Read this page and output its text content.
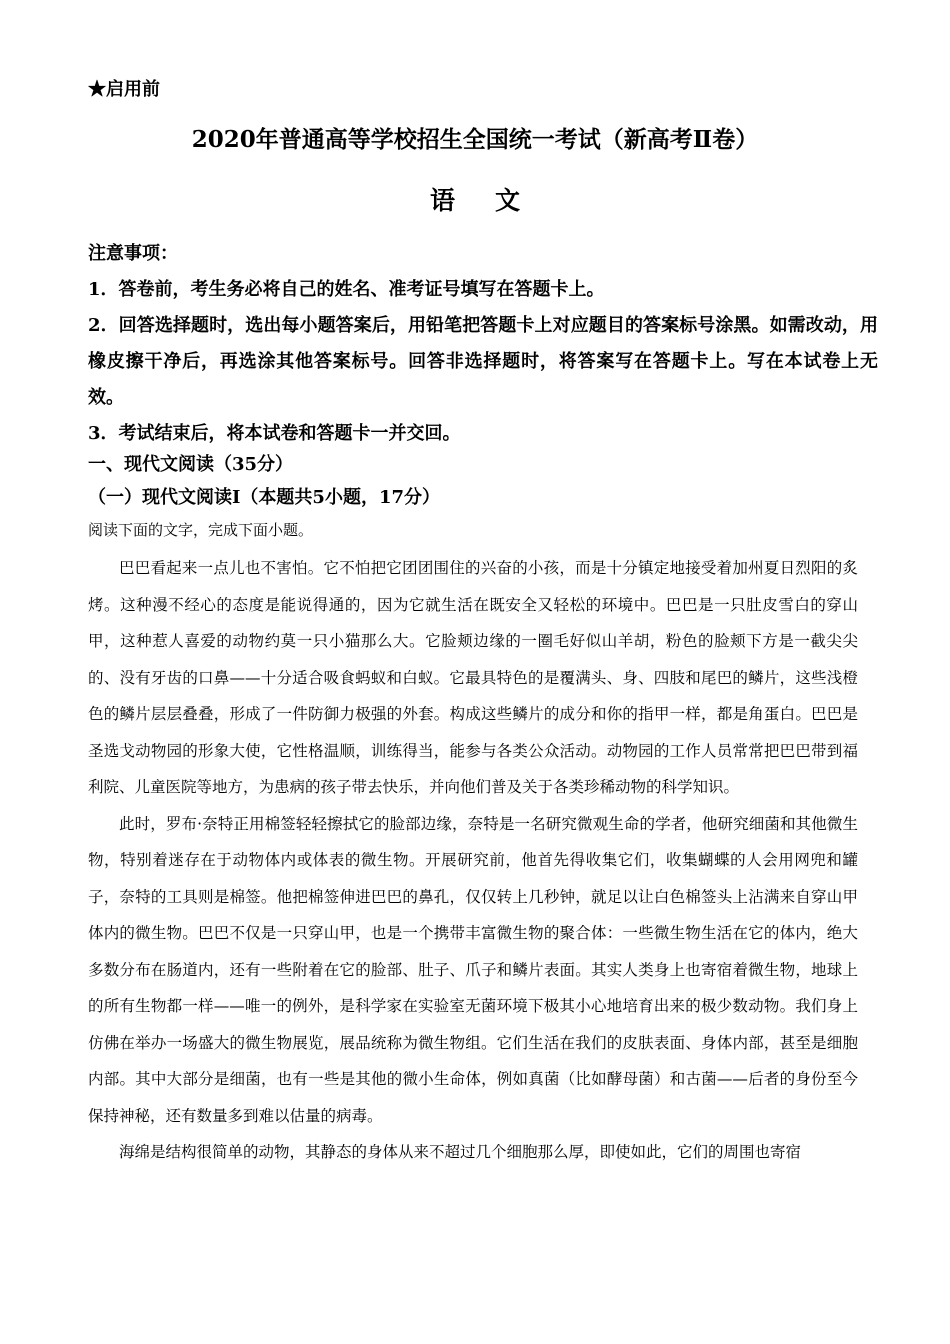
★启用前
2020年普通高等学校招生全国统一考试（新高考Ⅱ卷）
语文

注意事项：

1．答卷前，考生务必将自己的姓名、准考证号填写在答题卡上。

2．回答选择题时，选出每小题答案后，用铅笔把答题卡上对应题目的答案标号涂黑。如需改动，用橡皮擦干净后，再选涂其他答案标号。回答非选择题时，将答案写在答题卡上。写在本试卷上无效。

3．考试结束后，将本试卷和答题卡一并交回。

一、现代文阅读（35分）
（一）现代文阅读Ⅰ（本题共5小题，17分）
阅读下面的文字，完成下面小题。

巴巴看起来一点儿也不害怕。它不怕把它团团围住的兴奋的小孩，而是十分镇定地接受着加州夏日烈阳的炙烤。这种漫不经心的态度是能说得通的，因为它就生活在既安全又轻松的环境中。巴巴是一只肚皮雪白的穿山甲，这种惹人喜爱的动物约莫一只小猫那么大。它脸颊边缘的一圈毛好似山羊胡，粉色的脸颊下方是一截尖尖的、没有牙齿的口鼻——十分适合吸食蚂蚁和白蚁。它最具特色的是覆满头、身、四肢和尾巴的鳞片，这些浅橙色的鳞片层层叠叠，形成了一件防御力极强的外套。构成这些鳞片的成分和你的指甲一样，都是角蛋白。巴巴是圣选戈动物园的形象大使，它性格温顺，训练得当，能参与各类公众活动。动物园的工作人员常常把巴巴带到福利院、儿童医院等地方，为患病的孩子带去快乐，并向他们普及关于各类珍稀动物的科学知识。

此时，罗布·奈特正用棉签轻轻擦拭它的脸部边缘，奈特是一名研究微观生命的学者，他研究细菌和其他微生物，特别着迷存在于动物体内或体表的微生物。开展研究前，他首先得收集它们，收集蝴蝶的人会用网兜和罐子，奈特的工具则是棉签。他把棉签伸进巴巴的鼻孔，仅仅转上几秒钟，就足以让白色棉签头上沾满来自穿山甲体内的微生物。巴巴不仅是一只穿山甲，也是一个携带丰富微生物的聚合体：一些微生物生活在它的体内，绝大多数分布在肠道内，还有一些附着在它的脸部、肚子、爪子和鳞片表面。其实人类身上也寄宿着微生物，地球上的所有生物都一样——唯一的例外，是科学家在实验室无菌环境下极其小心地培育出来的极少数动物。我们身上仿佛在举办一场盛大的微生物展览，展品统称为微生物组。它们生活在我们的皮肤表面、身体内部，甚至是细胞内部。其中大部分是细菌，也有一些是其他的微小生命体，例如真菌（比如酵母菌）和古菌——后者的身份至今保持神秘，还有数量多到难以估量的病毒。

海绵是结构很简单的动物，其静态的身体从来不超过几个细胞那么厚，即使如此，它们的周围也寄宿
